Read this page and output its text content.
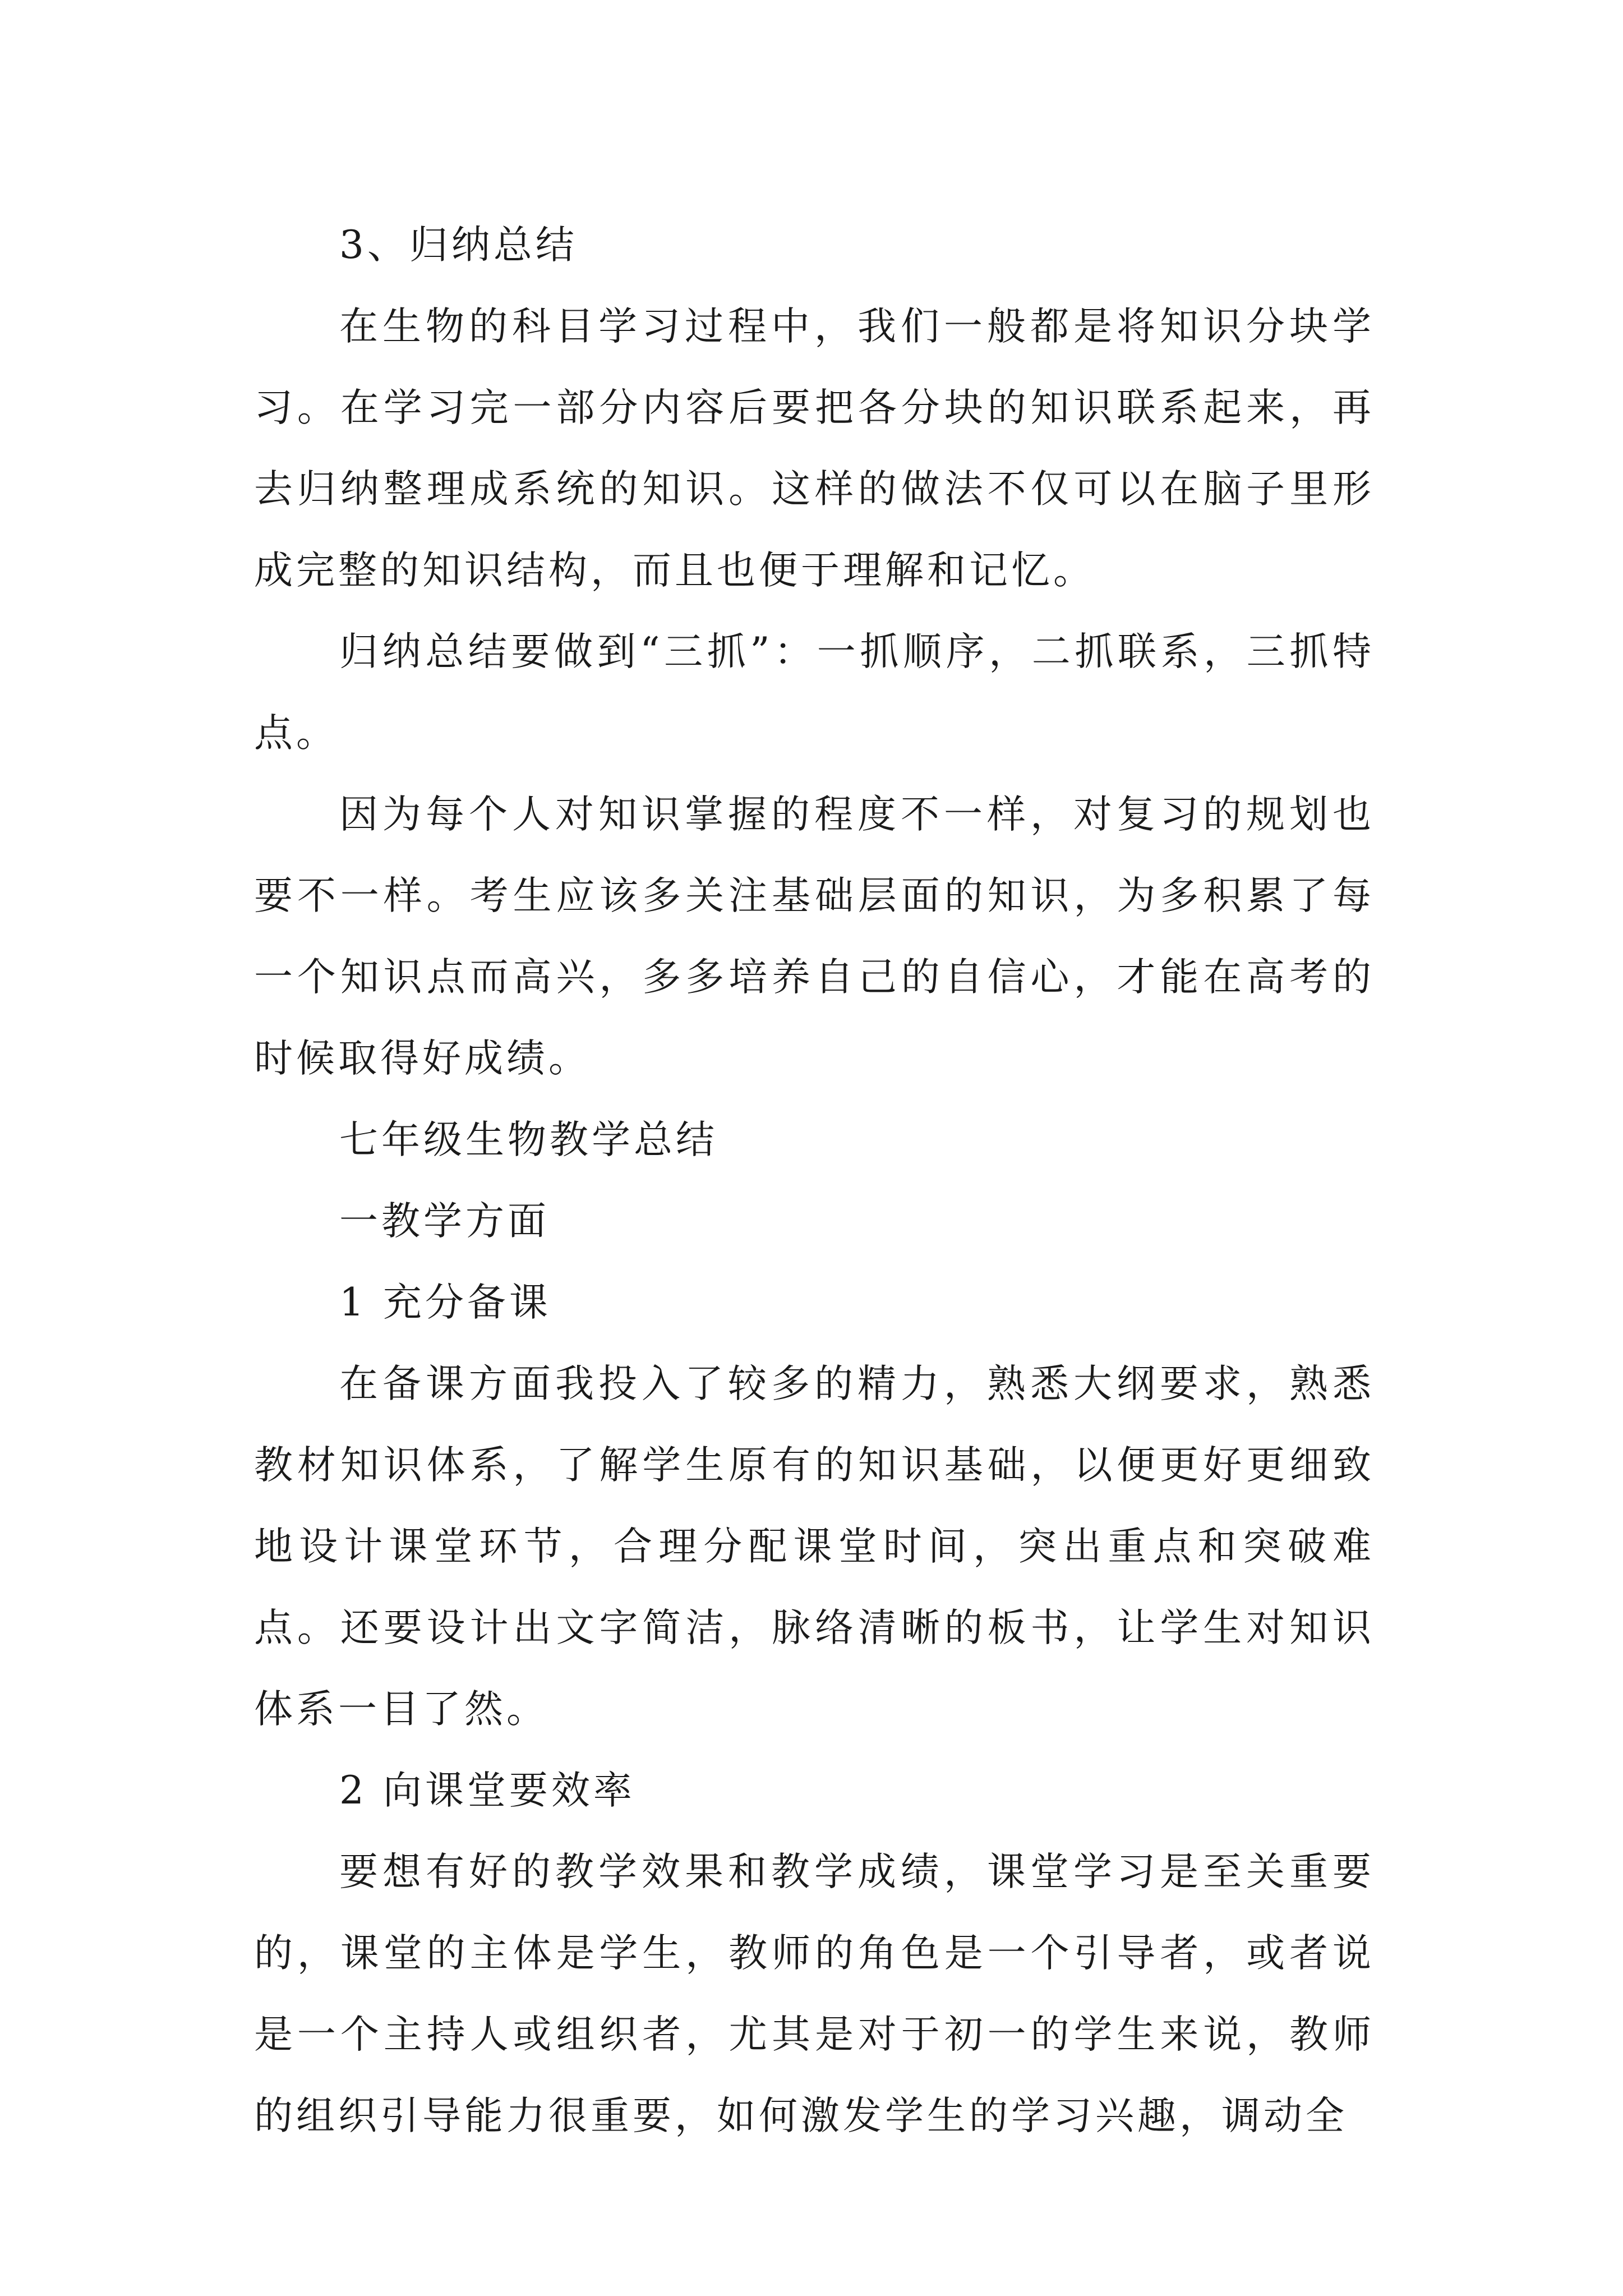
3、归纳总结

在生物的科目学习过程中，我们一般都是将知识分块学习。在学习完一部分内容后要把各分块的知识联系起来，再去归纳整理成系统的知识。这样的做法不仅可以在脑子里形成完整的知识结构，而且也便于理解和记忆。

归纳总结要做到“三抓”：一抓顺序，二抓联系，三抓特点。

因为每个人对知识掌握的程度不一样，对复习的规划也要不一样。考生应该多关注基础层面的知识，为多积累了每一个知识点而高兴，多多培养自己的自信心，才能在高考的时候取得好成绩。

七年级生物教学总结

一教学方面

1 充分备课

在备课方面我投入了较多的精力，熟悉大纲要求，熟悉教材知识体系，了解学生原有的知识基础，以便更好更细致地设计课堂环节，合理分配课堂时间，突出重点和突破难点。还要设计出文字简洁，脉络清晰的板书，让学生对知识体系一目了然。

2 向课堂要效率

要想有好的教学效果和教学成绩，课堂学习是至关重要的，课堂的主体是学生，教师的角色是一个引导者，或者说是一个主持人或组织者，尤其是对于初一的学生来说，教师的组织引导能力很重要，如何激发学生的学习兴趣，调动全
